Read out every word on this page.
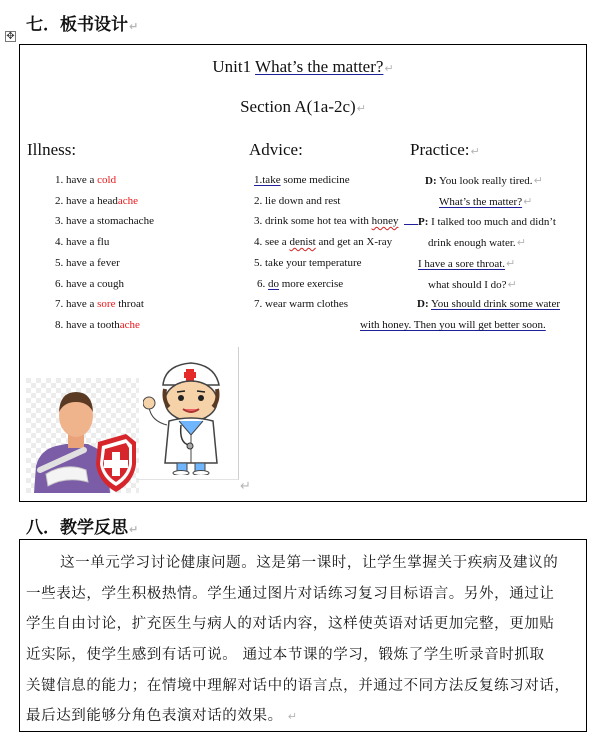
七．板书设计↵
✥
Unit1 What’s the matter?↵
Section A(1a-2c)↵
Illness:	Advice:	Practice:↵
1. have a cold
2. have a headache
3. have a stomachache
4. have a flu
5. have a fever
6. have a cough
7. have a sore throat
8. have a toothache
1.take some medicine
2. lie down and rest
3. drink some hot tea with honey
4. see a denist and get an X-ray
5. take your temperature
6. do more exercise
7. wear warm clothes
D: You look really tired.↵
What’s the matter?↵
P: I talked too much and didn’t
drink enough water.↵
I have a sore throat.↵
what should I do?↵
D: You should drink some water
with honey. Then you will get better soon.
↵
八．教学反思↵
这一单元学习讨论健康问题。这是第一课时，让学生掌握关于疾病及建议的
一些表达，学生积极热情。学生通过图片对话练习复习目标语言。另外，通过让
学生自由讨论，扩充医生与病人的对话内容，这样使英语对话更加完整，更加贴
近实际，使学生感到有话可说。 通过本节课的学习，锻炼了学生听录音时抓取
关键信息的能力；在情境中理解对话中的语言点，并通过不同方法反复练习对话，
最后达到能够分角色表演对话的效果。 ↵
